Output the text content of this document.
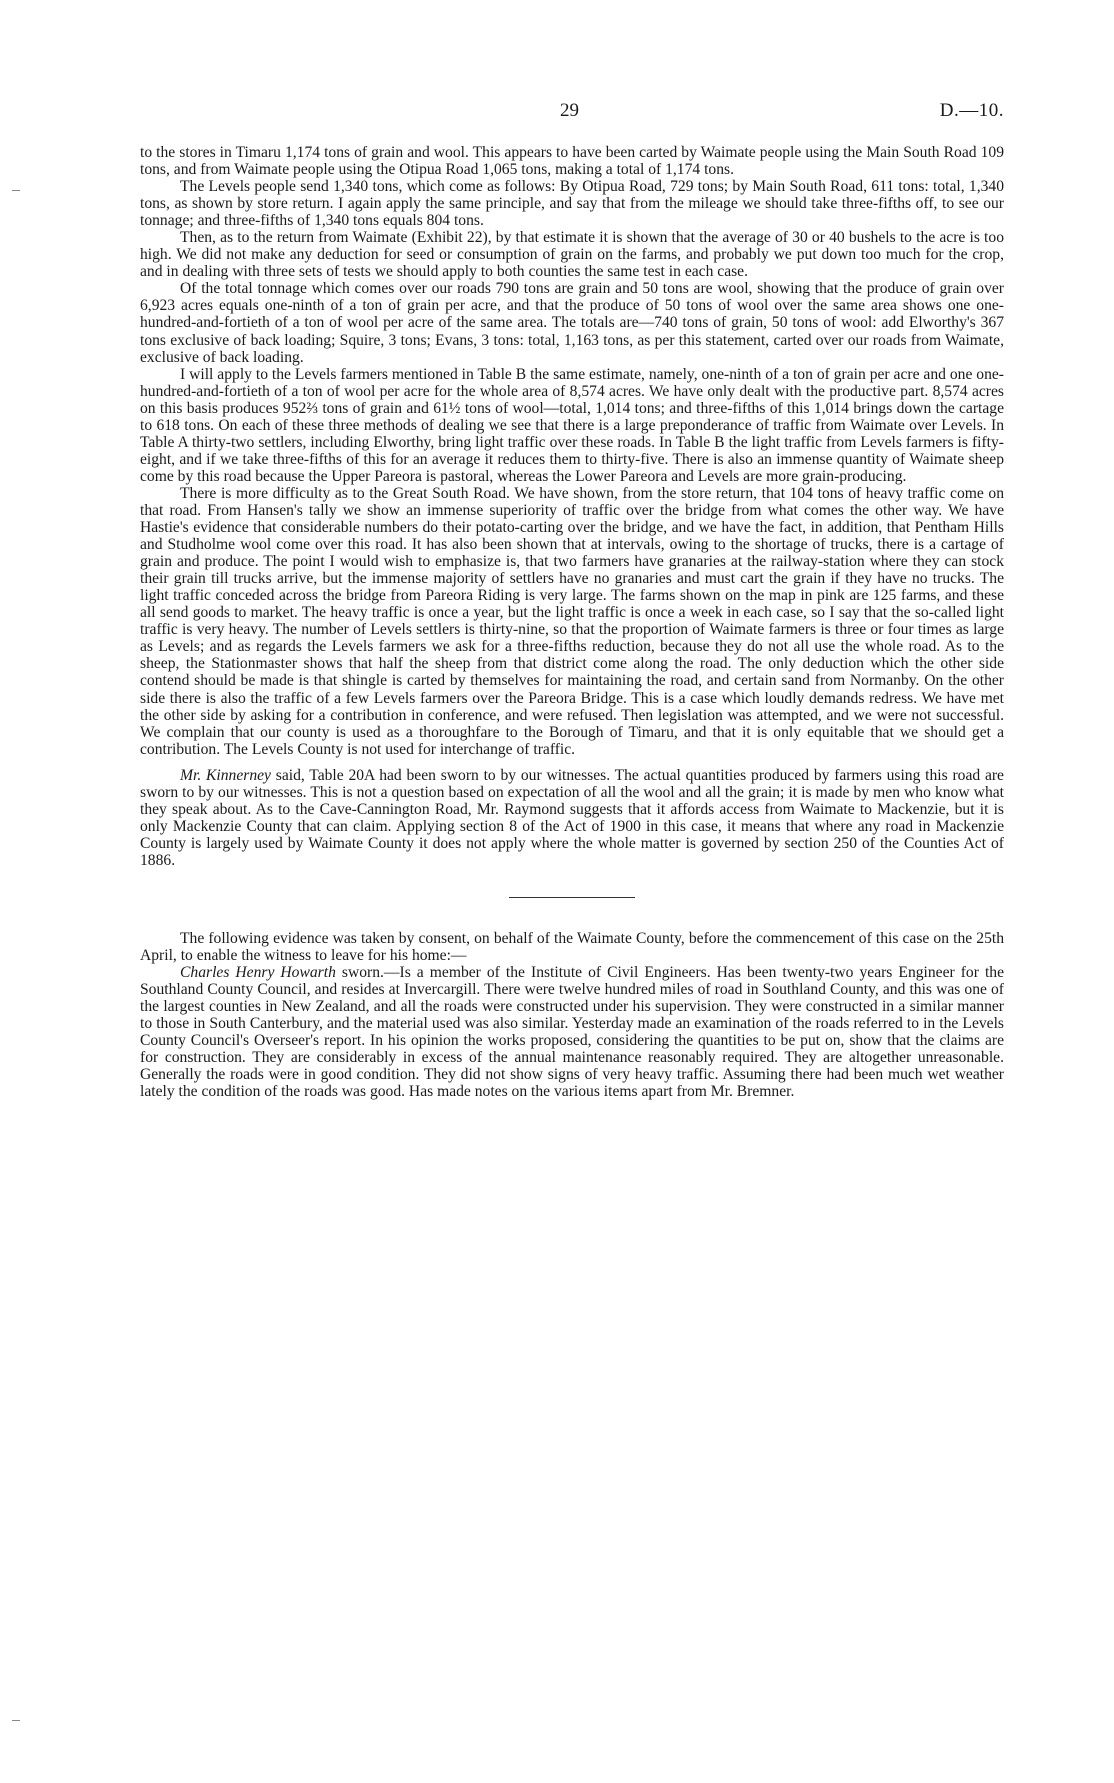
29	D.—10.

to the stores in Timaru 1,174 tons of grain and wool. This appears to have been carted by Waimate people using the Main South Road 109 tons, and from Waimate people using the Otipua Road 1,065 tons, making a total of 1,174 tons.

The Levels people send 1,340 tons, which come as follows: By Otipua Road, 729 tons; by Main South Road, 611 tons: total, 1,340 tons, as shown by store return. I again apply the same principle, and say that from the mileage we should take three-fifths off, to see our tonnage; and three-fifths of 1,340 tons equals 804 tons.

Then, as to the return from Waimate (Exhibit 22), by that estimate it is shown that the average of 30 or 40 bushels to the acre is too high. We did not make any deduction for seed or consumption of grain on the farms, and probably we put down too much for the crop, and in dealing with three sets of tests we should apply to both counties the same test in each case.

Of the total tonnage which comes over our roads 790 tons are grain and 50 tons are wool, showing that the produce of grain over 6,923 acres equals one-ninth of a ton of grain per acre, and that the produce of 50 tons of wool over the same area shows one one-hundred-and-fortieth of a ton of wool per acre of the same area. The totals are—740 tons of grain, 50 tons of wool: add Elworthy's 367 tons exclusive of back loading; Squire, 3 tons; Evans, 3 tons: total, 1,163 tons, as per this statement, carted over our roads from Waimate, exclusive of back loading.

I will apply to the Levels farmers mentioned in Table B the same estimate, namely, one-ninth of a ton of grain per acre and one one-hundred-and-fortieth of a ton of wool per acre for the whole area of 8,574 acres. We have only dealt with the productive part. 8,574 acres on this basis produces 952⅔ tons of grain and 61½ tons of wool—total, 1,014 tons; and three-fifths of this 1,014 brings down the cartage to 618 tons. On each of these three methods of dealing we see that there is a large preponderance of traffic from Waimate over Levels. In Table A thirty-two settlers, including Elworthy, bring light traffic over these roads. In Table B the light traffic from Levels farmers is fifty-eight, and if we take three-fifths of this for an average it reduces them to thirty-five. There is also an immense quantity of Waimate sheep come by this road because the Upper Pareora is pastoral, whereas the Lower Pareora and Levels are more grain-producing.

There is more difficulty as to the Great South Road. We have shown, from the store return, that 104 tons of heavy traffic come on that road. From Hansen's tally we show an immense superiority of traffic over the bridge from what comes the other way. We have Hastie's evidence that considerable numbers do their potato-carting over the bridge, and we have the fact, in addition, that Pentham Hills and Studholme wool come over this road. It has also been shown that at intervals, owing to the shortage of trucks, there is a cartage of grain and produce. The point I would wish to emphasize is, that two farmers have granaries at the railway-station where they can stock their grain till trucks arrive, but the immense majority of settlers have no granaries and must cart the grain if they have no trucks. The light traffic conceded across the bridge from Pareora Riding is very large. The farms shown on the map in pink are 125 farms, and these all send goods to market. The heavy traffic is once a year, but the light traffic is once a week in each case, so I say that the so-called light traffic is very heavy. The number of Levels settlers is thirty-nine, so that the proportion of Waimate farmers is three or four times as large as Levels; and as regards the Levels farmers we ask for a three-fifths reduction, because they do not all use the whole road. As to the sheep, the Stationmaster shows that half the sheep from that district come along the road. The only deduction which the other side contend should be made is that shingle is carted by themselves for maintaining the road, and certain sand from Normanby. On the other side there is also the traffic of a few Levels farmers over the Pareora Bridge. This is a case which loudly demands redress. We have met the other side by asking for a contribution in conference, and were refused. Then legislation was attempted, and we were not successful. We complain that our county is used as a thoroughfare to the Borough of Timaru, and that it is only equitable that we should get a contribution. The Levels County is not used for interchange of traffic.

Mr. Kinnerney said, Table 20A had been sworn to by our witnesses. The actual quantities produced by farmers using this road are sworn to by our witnesses. This is not a question based on expectation of all the wool and all the grain; it is made by men who know what they speak about. As to the Cave-Cannington Road, Mr. Raymond suggests that it affords access from Waimate to Mackenzie, but it is only Mackenzie County that can claim. Applying section 8 of the Act of 1900 in this case, it means that where any road in Mackenzie County is largely used by Waimate County it does not apply where the whole matter is governed by section 250 of the Counties Act of 1886.

The following evidence was taken by consent, on behalf of the Waimate County, before the commencement of this case on the 25th April, to enable the witness to leave for his home:—

Charles Henry Howarth sworn.—Is a member of the Institute of Civil Engineers. Has been twenty-two years Engineer for the Southland County Council, and resides at Invercargill. There were twelve hundred miles of road in Southland County, and this was one of the largest counties in New Zealand, and all the roads were constructed under his supervision. They were constructed in a similar manner to those in South Canterbury, and the material used was also similar. Yesterday made an examination of the roads referred to in the Levels County Council's Overseer's report. In his opinion the works proposed, considering the quantities to be put on, show that the claims are for construction. They are considerably in excess of the annual maintenance reasonably required. They are altogether unreasonable. Generally the roads were in good condition. They did not show signs of very heavy traffic. Assuming there had been much wet weather lately the condition of the roads was good. Has made notes on the various items apart from Mr. Bremner.
